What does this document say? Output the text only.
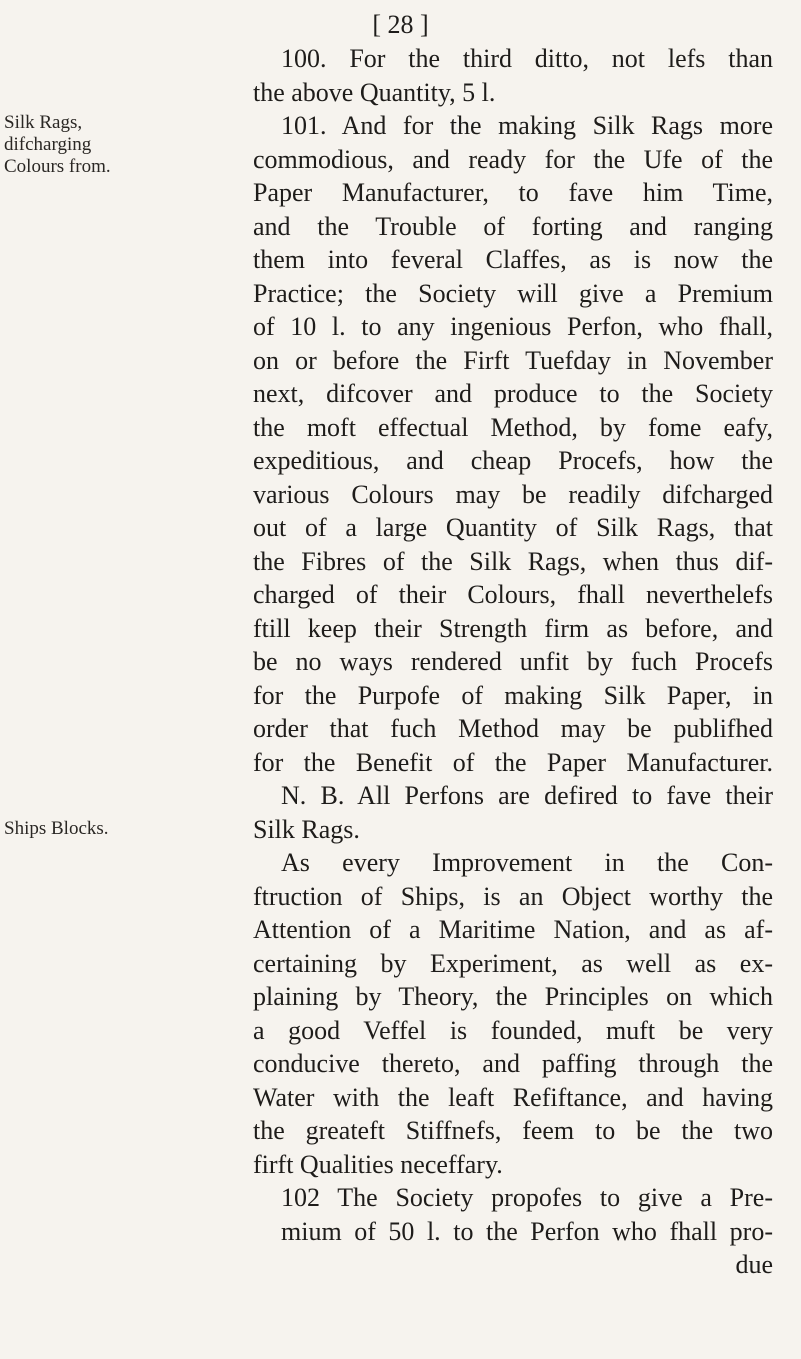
[ 28 ]
Silk Rags,
difcharging
Colours from.
Ships Blocks.
100. For the third ditto, not lefs than
the above Quantity, 5 l.
101. And for the making Silk Rags more
commodious, and ready for the Ufe of the
Paper Manufacturer, to fave him Time,
and the Trouble of forting and ranging
them into feveral Claffes, as is now the
Practice; the Society will give a Premium
of 10 l. to any ingenious Perfon, who fhall,
on or before the Firft Tuefday in November
next, difcover and produce to the Society
the moft effectual Method, by fome eafy,
expeditious, and cheap Procefs, how the
various Colours may be readily difcharged
out of a large Quantity of Silk Rags, that
the Fibres of the Silk Rags, when thus dif-
charged of their Colours, fhall neverthelefs
ftill keep their Strength firm as before, and
be no ways rendered unfit by fuch Procefs
for the Purpofe of making Silk Paper, in
order that fuch Method may be publifhed
for the Benefit of the Paper Manufacturer.
N. B. All Perfons are defired to fave their
Silk Rags.
As every Improvement in the Con-
ftruction of Ships, is an Object worthy the
Attention of a Maritime Nation, and as af-
certaining by Experiment, as well as ex-
plaining by Theory, the Principles on which
a good Veffel is founded, muft be very
conducive thereto, and paffing through the
Water with the leaft Refiftance, and having
the greateft Stiffnefs, feem to be the two
firft Qualities neceffary.
102 The Society propofes to give a Pre-
mium of 50 l. to the Perfon who fhall pro-
due
